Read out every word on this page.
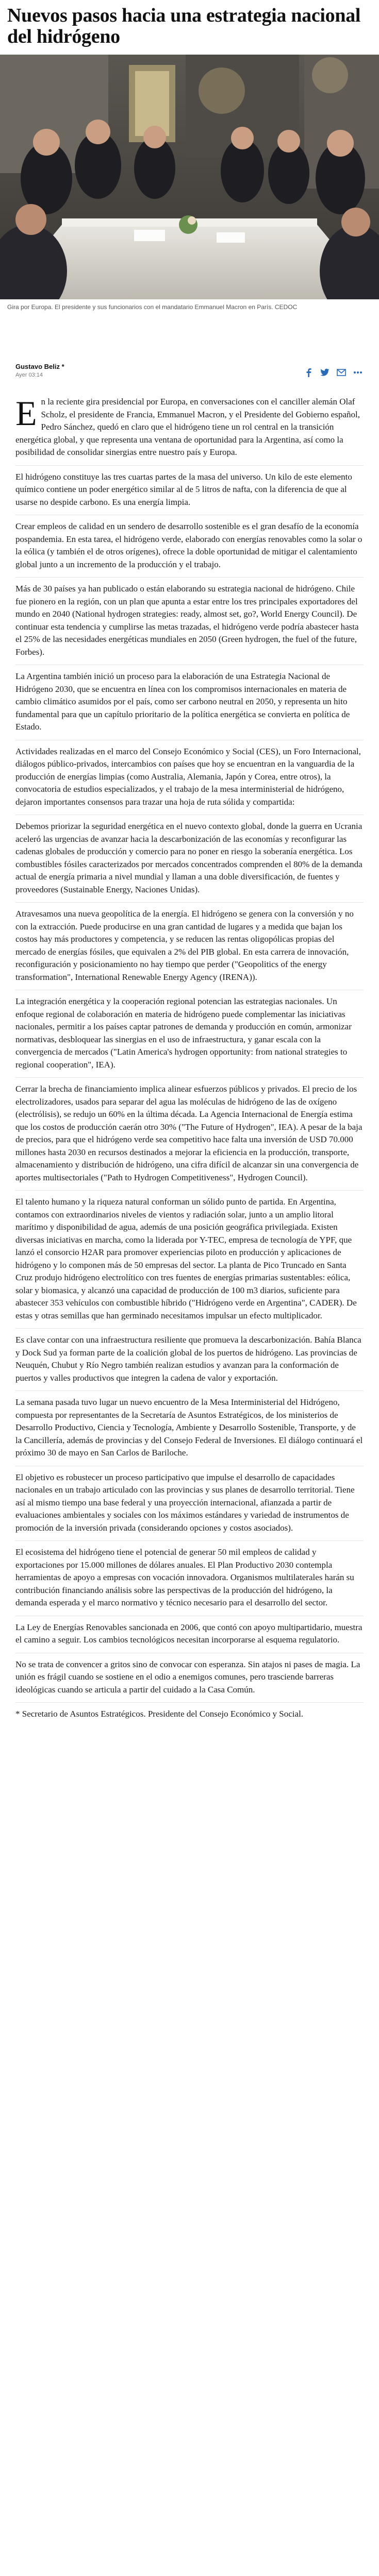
Nuevos pasos hacia una estrategia nacional del hidrógeno
Gira por Europa. El presidente y sus funcionarios con el mandatario Emmanuel Macron en París. CEDOC
Gustavo Beliz *
Ayer 03:14

En la reciente gira presidencial por Europa, en conversaciones con el canciller alemán Olaf Scholz, el presidente de Francia, Emmanuel Macron, y el Presidente del Gobierno español, Pedro Sánchez, quedó en claro que el hidrógeno tiene un rol central en la transición energética global, y que representa una ventana de oportunidad para la Argentina, así como la posibilidad de consolidar sinergias entre nuestro país y Europa.

El hidrógeno constituye las tres cuartas partes de la masa del universo. Un kilo de este elemento químico contiene un poder energético similar al de 5 litros de nafta, con la diferencia de que al usarse no despide carbono. Es una energía limpia.

Crear empleos de calidad en un sendero de desarrollo sostenible es el gran desafío de la economía pospandemia. En esta tarea, el hidrógeno verde, elaborado con energías renovables como la solar o la eólica (y también el de otros orígenes), ofrece la doble oportunidad de mitigar el calentamiento global junto a un incremento de la producción y el trabajo.

Más de 30 países ya han publicado o están elaborando su estrategia nacional de hidrógeno. Chile fue pionero en la región, con un plan que apunta a estar entre los tres principales exportadores del mundo en 2040 (National hydrogen strategies: ready, almost set, go?, World Energy Council). De continuar esta tendencia y cumplirse las metas trazadas, el hidrógeno verde podría abastecer hasta el 25% de las necesidades energéticas mundiales en 2050 (Green hydrogen, the fuel of the future, Forbes).

La Argentina también inició un proceso para la elaboración de una Estrategia Nacional de Hidrógeno 2030, que se encuentra en línea con los compromisos internacionales en materia de cambio climático asumidos por el país, como ser carbono neutral en 2050, y representa un hito fundamental para que un capítulo prioritario de la política energética se convierta en política de Estado.

Actividades realizadas en el marco del Consejo Económico y Social (CES), un Foro Internacional, diálogos público-privados, intercambios con países que hoy se encuentran en la vanguardia de la producción de energías limpias (como Australia, Alemania, Japón y Corea, entre otros), la convocatoria de estudios especializados, y el trabajo de la mesa interministerial de hidrógeno, dejaron importantes consensos para trazar una hoja de ruta sólida y compartida:

Debemos priorizar la seguridad energética en el nuevo contexto global, donde la guerra en Ucrania aceleró las urgencias de avanzar hacia la descarbonización de las economías y reconfigurar las cadenas globales de producción y comercio para no poner en riesgo la soberanía energética. Los combustibles fósiles caracterizados por mercados concentrados comprenden el 80% de la demanda actual de energía primaria a nivel mundial y llaman a una doble diversificación, de fuentes y proveedores (Sustainable Energy, Naciones Unidas).

Atravesamos una nueva geopolítica de la energía. El hidrógeno se genera con la conversión y no con la extracción. Puede producirse en una gran cantidad de lugares y a medida que bajan los costos hay más productores y competencia, y se reducen las rentas oligopólicas propias del mercado de energías fósiles, que equivalen a 2% del PIB global. En esta carrera de innovación, reconfiguración y posicionamiento no hay tiempo que perder ("Geopolitics of the energy transformation", International Renewable Energy Agency (IRENA)).

La integración energética y la cooperación regional potencian las estrategias nacionales. Un enfoque regional de colaboración en materia de hidrógeno puede complementar las iniciativas nacionales, permitir a los países captar patrones de demanda y producción en común, armonizar normativas, desbloquear las sinergias en el uso de infraestructura, y ganar escala con la convergencia de mercados ("Latin America's hydrogen opportunity: from national strategies to regional cooperation", IEA).

Cerrar la brecha de financiamiento implica alinear esfuerzos públicos y privados. El precio de los electrolizadores, usados para separar del agua las moléculas de hidrógeno de las de oxígeno (electrólisis), se redujo un 60% en la última década. La Agencia Internacional de Energía estima que los costos de producción caerán otro 30% ("The Future of Hydrogen", IEA). A pesar de la baja de precios, para que el hidrógeno verde sea competitivo hace falta una inversión de USD 70.000 millones hasta 2030 en recursos destinados a mejorar la eficiencia en la producción, transporte, almacenamiento y distribución de hidrógeno, una cifra difícil de alcanzar sin una convergencia de aportes multisectoriales ("Path to Hydrogen Competitiveness", Hydrogen Council).

El talento humano y la riqueza natural conforman un sólido punto de partida. En Argentina, contamos con extraordinarios niveles de vientos y radiación solar, junto a un amplio litoral marítimo y disponibilidad de agua, además de una posición geográfica privilegiada. Existen diversas iniciativas en marcha, como la liderada por Y-TEC, empresa de tecnología de YPF, que lanzó el consorcio H2AR para promover experiencias piloto en producción y aplicaciones de hidrógeno y lo componen más de 50 empresas del sector. La planta de Pico Truncado en Santa Cruz produjo hidrógeno electrolítico con tres fuentes de energías primarias sustentables: eólica, solar y biomasica, y alcanzó una capacidad de producción de 100 m3 diarios, suficiente para abastecer 353 vehículos con combustible híbrido ("Hidrógeno verde en Argentina", CADER). De estas y otras semillas que han germinado necesitamos impulsar un efecto multiplicador.

Es clave contar con una infraestructura resiliente que promueva la descarbonización. Bahía Blanca y Dock Sud ya forman parte de la coalición global de los puertos de hidrógeno. Las provincias de Neuquén, Chubut y Río Negro también realizan estudios y avanzan para la conformación de puertos y valles productivos que integren la cadena de valor y exportación.

La semana pasada tuvo lugar un nuevo encuentro de la Mesa Interministerial del Hidrógeno, compuesta por representantes de la Secretaría de Asuntos Estratégicos, de los ministerios de Desarrollo Productivo, Ciencia y Tecnología, Ambiente y Desarrollo Sostenible, Transporte, y de la Cancillería, además de provincias y del Consejo Federal de Inversiones. El diálogo continuará el próximo 30 de mayo en San Carlos de Bariloche.

El objetivo es robustecer un proceso participativo que impulse el desarrollo de capacidades nacionales en un trabajo articulado con las provincias y sus planes de desarrollo territorial. Tiene así al mismo tiempo una base federal y una proyección internacional, afianzada a partir de evaluaciones ambientales y sociales con los máximos estándares y variedad de instrumentos de promoción de la inversión privada (considerando opciones y costos asociados).

El ecosistema del hidrógeno tiene el potencial de generar 50 mil empleos de calidad y exportaciones por 15.000 millones de dólares anuales. El Plan Productivo 2030 contempla herramientas de apoyo a empresas con vocación innovadora. Organismos multilaterales harán su contribución financiando análisis sobre las perspectivas de la producción del hidrógeno, la demanda esperada y el marco normativo y técnico necesario para el desarrollo del sector.

La Ley de Energías Renovables sancionada en 2006, que contó con apoyo multipartidario, muestra el camino a seguir. Los cambios tecnológicos necesitan incorporarse al esquema regulatorio.

No se trata de convencer a gritos sino de convocar con esperanza. Sin atajos ni pases de magia. La unión es frágil cuando se sostiene en el odio a enemigos comunes, pero trasciende barreras ideológicas cuando se articula a partir del cuidado a la Casa Común.

* Secretario de Asuntos Estratégicos. Presidente del Consejo Económico y Social.
